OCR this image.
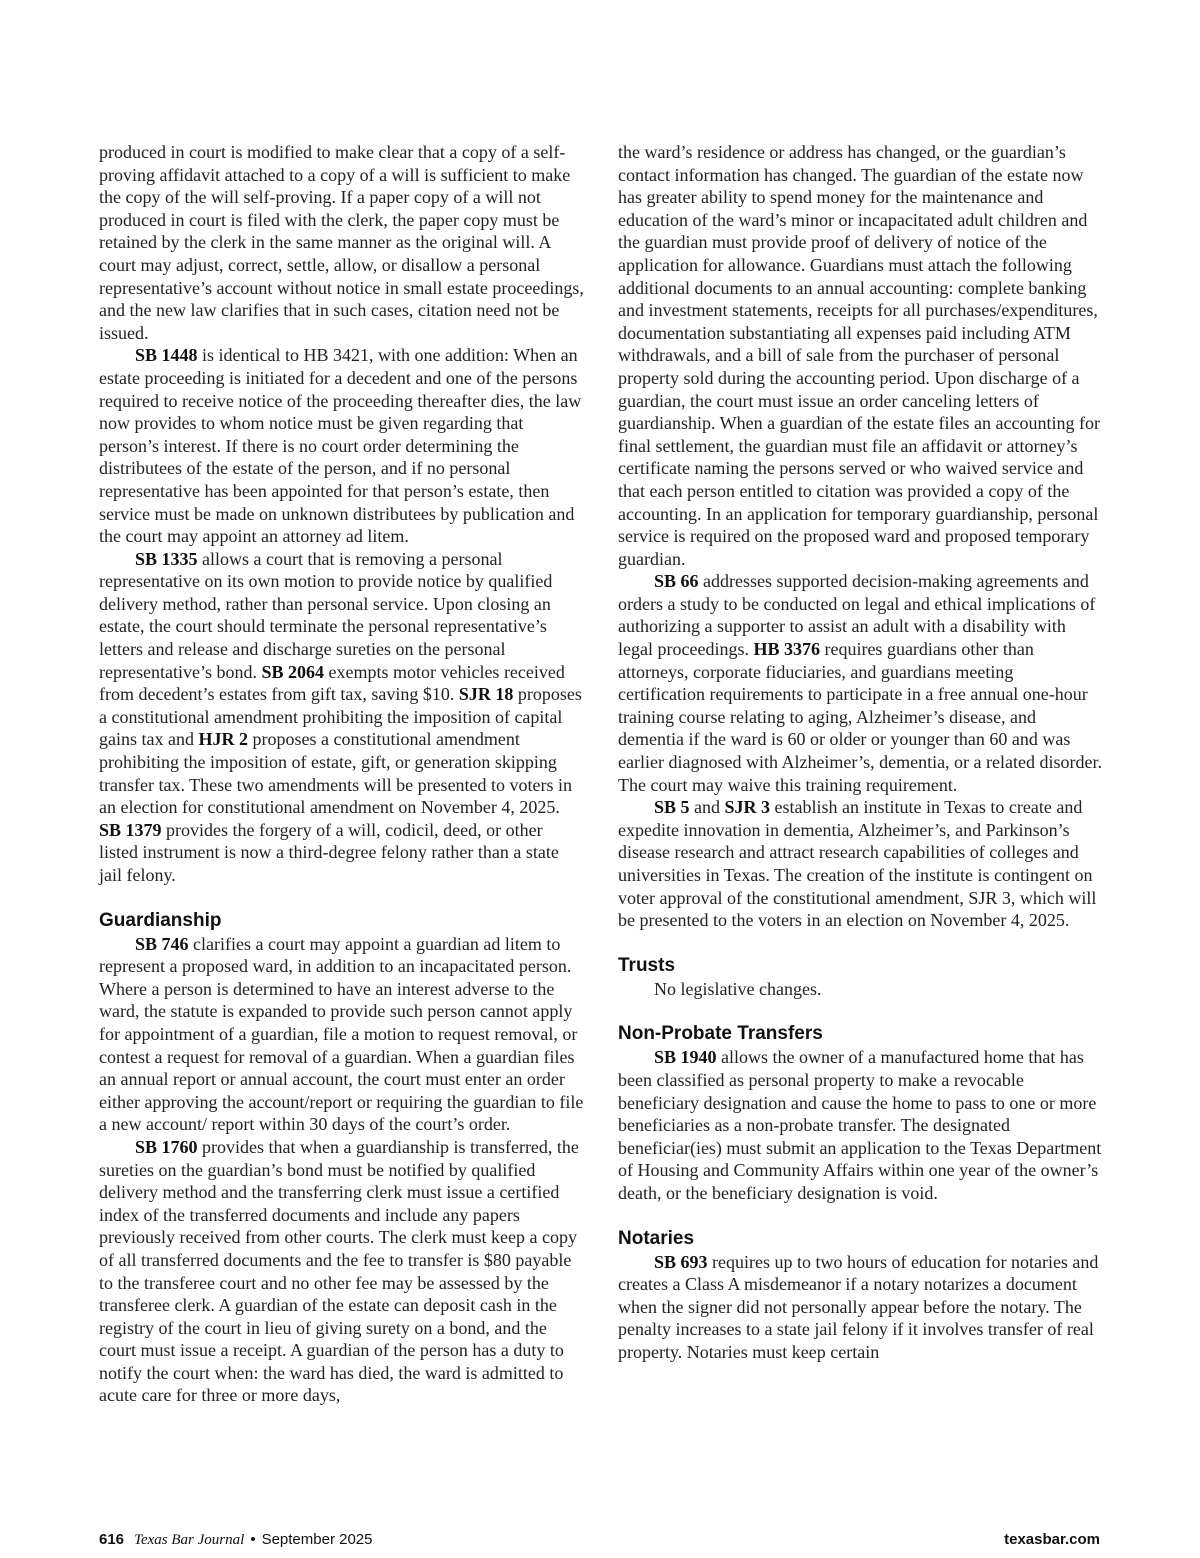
produced in court is modified to make clear that a copy of a self-proving affidavit attached to a copy of a will is sufficient to make the copy of the will self-proving. If a paper copy of a will not produced in court is filed with the clerk, the paper copy must be retained by the clerk in the same manner as the original will. A court may adjust, correct, settle, allow, or disallow a personal representative’s account without notice in small estate proceedings, and the new law clarifies that in such cases, citation need not be issued.

SB 1448 is identical to HB 3421, with one addition: When an estate proceeding is initiated for a decedent and one of the persons required to receive notice of the proceeding thereafter dies, the law now provides to whom notice must be given regarding that person’s interest. If there is no court order determining the distributees of the estate of the person, and if no personal representative has been appointed for that person’s estate, then service must be made on unknown distributees by publication and the court may appoint an attorney ad litem.

SB 1335 allows a court that is removing a personal representative on its own motion to provide notice by qualified delivery method, rather than personal service. Upon closing an estate, the court should terminate the personal representative’s letters and release and discharge sureties on the personal representative’s bond. SB 2064 exempts motor vehicles received from decedent’s estates from gift tax, saving $10. SJR 18 proposes a constitutional amendment prohibiting the imposition of capital gains tax and HJR 2 proposes a constitutional amendment prohibiting the imposition of estate, gift, or generation skipping transfer tax. These two amendments will be presented to voters in an election for constitutional amendment on November 4, 2025. SB 1379 provides the forgery of a will, codicil, deed, or other listed instrument is now a third-degree felony rather than a state jail felony.

Guardianship

SB 746 clarifies a court may appoint a guardian ad litem to represent a proposed ward, in addition to an incapacitated person. Where a person is determined to have an interest adverse to the ward, the statute is expanded to provide such person cannot apply for appointment of a guardian, file a motion to request removal, or contest a request for removal of a guardian. When a guardian files an annual report or annual account, the court must enter an order either approving the account/report or requiring the guardian to file a new account/ report within 30 days of the court’s order.

SB 1760 provides that when a guardianship is transferred, the sureties on the guardian’s bond must be notified by qualified delivery method and the transferring clerk must issue a certified index of the transferred documents and include any papers previously received from other courts. The clerk must keep a copy of all transferred documents and the fee to transfer is $80 payable to the transferee court and no other fee may be assessed by the transferee clerk. A guardian of the estate can deposit cash in the registry of the court in lieu of giving surety on a bond, and the court must issue a receipt. A guardian of the person has a duty to notify the court when: the ward has died, the ward is admitted to acute care for three or more days,

the ward’s residence or address has changed, or the guardian’s contact information has changed. The guardian of the estate now has greater ability to spend money for the maintenance and education of the ward’s minor or incapacitated adult children and the guardian must provide proof of delivery of notice of the application for allowance. Guardians must attach the following additional documents to an annual accounting: complete banking and investment statements, receipts for all purchases/expenditures, documentation substantiating all expenses paid including ATM withdrawals, and a bill of sale from the purchaser of personal property sold during the accounting period. Upon discharge of a guardian, the court must issue an order canceling letters of guardianship. When a guardian of the estate files an accounting for final settlement, the guardian must file an affidavit or attorney’s certificate naming the persons served or who waived service and that each person entitled to citation was provided a copy of the accounting. In an application for temporary guardianship, personal service is required on the proposed ward and proposed temporary guardian.

SB 66 addresses supported decision-making agreements and orders a study to be conducted on legal and ethical implications of authorizing a supporter to assist an adult with a disability with legal proceedings. HB 3376 requires guardians other than attorneys, corporate fiduciaries, and guardians meeting certification requirements to participate in a free annual one-hour training course relating to aging, Alzheimer’s disease, and dementia if the ward is 60 or older or younger than 60 and was earlier diagnosed with Alzheimer’s, dementia, or a related disorder. The court may waive this training requirement.

SB 5 and SJR 3 establish an institute in Texas to create and expedite innovation in dementia, Alzheimer’s, and Parkinson’s disease research and attract research capabilities of colleges and universities in Texas. The creation of the institute is contingent on voter approval of the constitutional amendment, SJR 3, which will be presented to the voters in an election on November 4, 2025.

Trusts

No legislative changes.

Non-Probate Transfers

SB 1940 allows the owner of a manufactured home that has been classified as personal property to make a revocable beneficiary designation and cause the home to pass to one or more beneficiaries as a non-probate transfer. The designated beneficiar(ies) must submit an application to the Texas Department of Housing and Community Affairs within one year of the owner’s death, or the beneficiary designation is void.

Notaries

SB 693 requires up to two hours of education for notaries and creates a Class A misdemeanor if a notary notarizes a document when the signer did not personally appear before the notary. The penalty increases to a state jail felony if it involves transfer of real property. Notaries must keep certain

616 Texas Bar Journal • September 2025	texasbar.com
